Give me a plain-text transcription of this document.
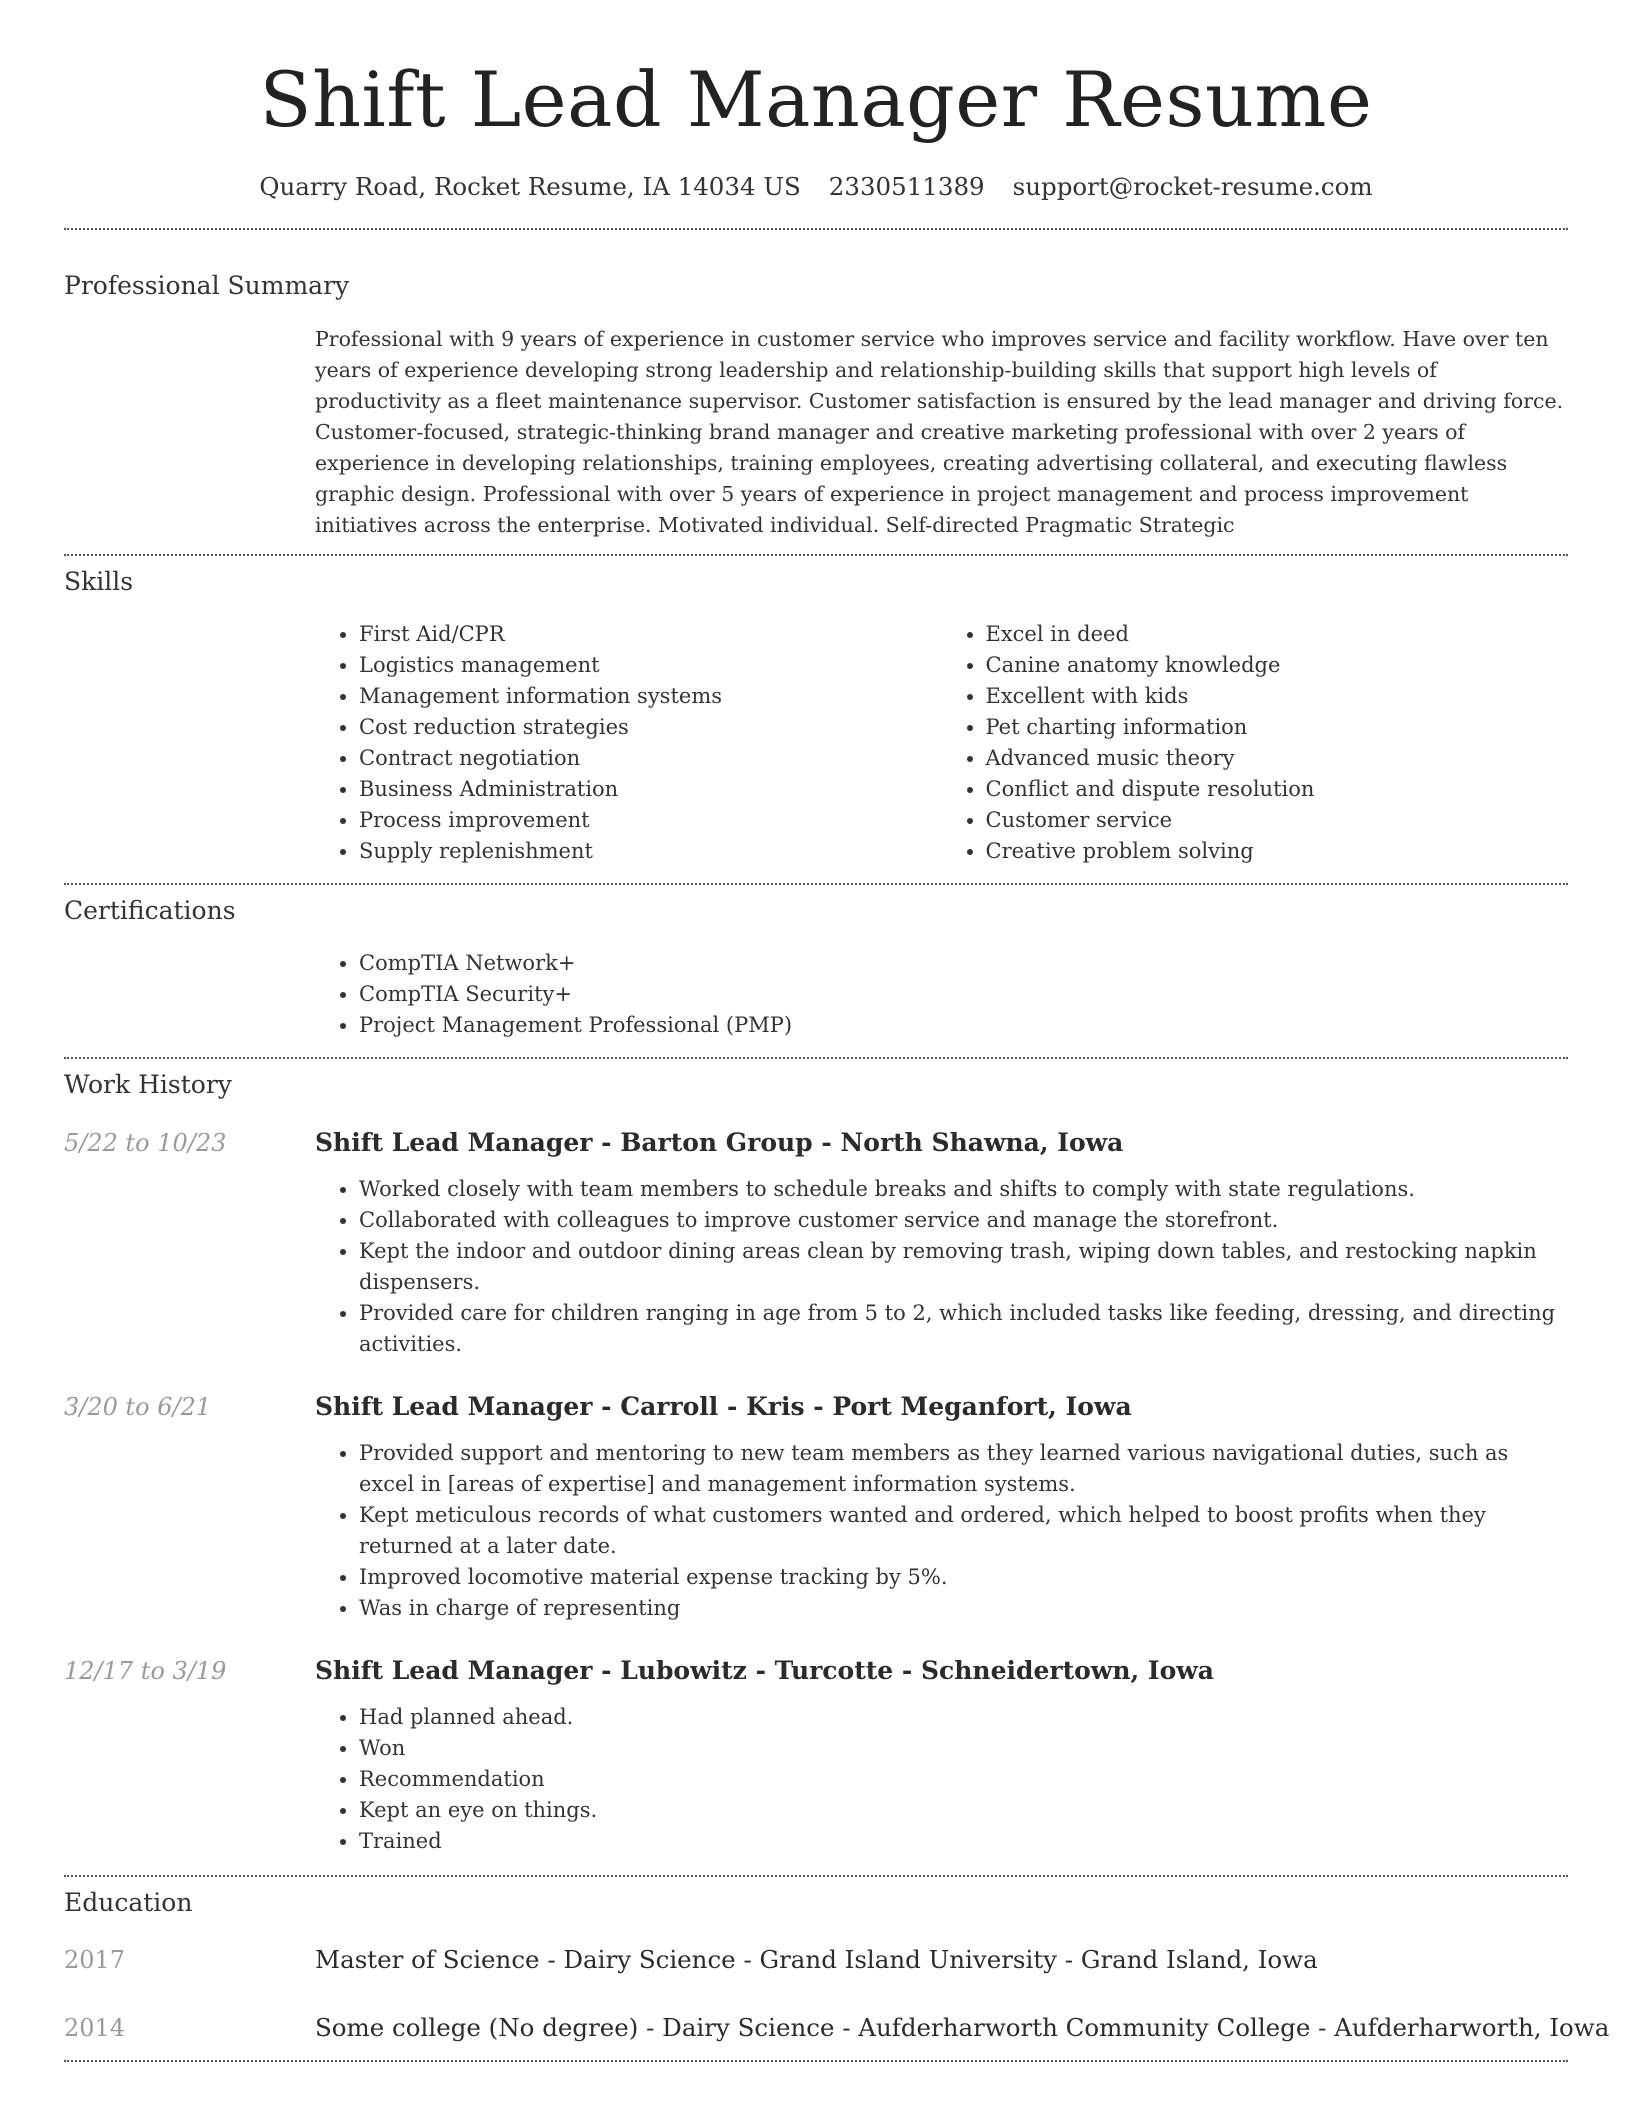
Shift Lead Manager Resume
Quarry Road, Rocket Resume, IA 14034 US 2330511389 support@rocket-resume.com
Professional Summary

Professional with 9 years of experience in customer service who improves service and facility workflow. Have over ten years of experience developing strong leadership and relationship-building skills that support high levels of productivity as a fleet maintenance supervisor. Customer satisfaction is ensured by the lead manager and driving force. Customer-focused, strategic-thinking brand manager and creative marketing professional with over 2 years of experience in developing relationships, training employees, creating advertising collateral, and executing flawless graphic design. Professional with over 5 years of experience in project management and process improvement initiatives across the enterprise. Motivated individual. Self-directed Pragmatic Strategic

Skills
• First Aid/CPR
• Logistics management
• Management information systems
• Cost reduction strategies
• Contract negotiation
• Business Administration
• Process improvement
• Supply replenishment
• Excel in deed
• Canine anatomy knowledge
• Excellent with kids
• Pet charting information
• Advanced music theory
• Conflict and dispute resolution
• Customer service
• Creative problem solving
Certifications
• CompTIA Network+
• CompTIA Security+
• Project Management Professional (PMP)
Work History
5/22 to 10/23	Shift Lead Manager - Barton Group - North Shawna, Iowa
• Worked closely with team members to schedule breaks and shifts to comply with state regulations.
• Collaborated with colleagues to improve customer service and manage the storefront.
• Kept the indoor and outdoor dining areas clean by removing trash, wiping down tables, and restocking napkin dispensers.
• Provided care for children ranging in age from 5 to 2, which included tasks like feeding, dressing, and directing activities.
3/20 to 6/21	Shift Lead Manager - Carroll - Kris - Port Meganfort, Iowa
• Provided support and mentoring to new team members as they learned various navigational duties, such as excel in [areas of expertise] and management information systems.
• Kept meticulous records of what customers wanted and ordered, which helped to boost profits when they returned at a later date.
• Improved locomotive material expense tracking by 5%.
• Was in charge of representing
12/17 to 3/19	Shift Lead Manager - Lubowitz - Turcotte - Schneidertown, Iowa
• Had planned ahead.
• Won
• Recommendation
• Kept an eye on things.
• Trained
Education
2017	Master of Science - Dairy Science - Grand Island University - Grand Island, Iowa
2014	Some college (No degree) - Dairy Science - Aufderharworth Community College - Aufderharworth, Iowa
